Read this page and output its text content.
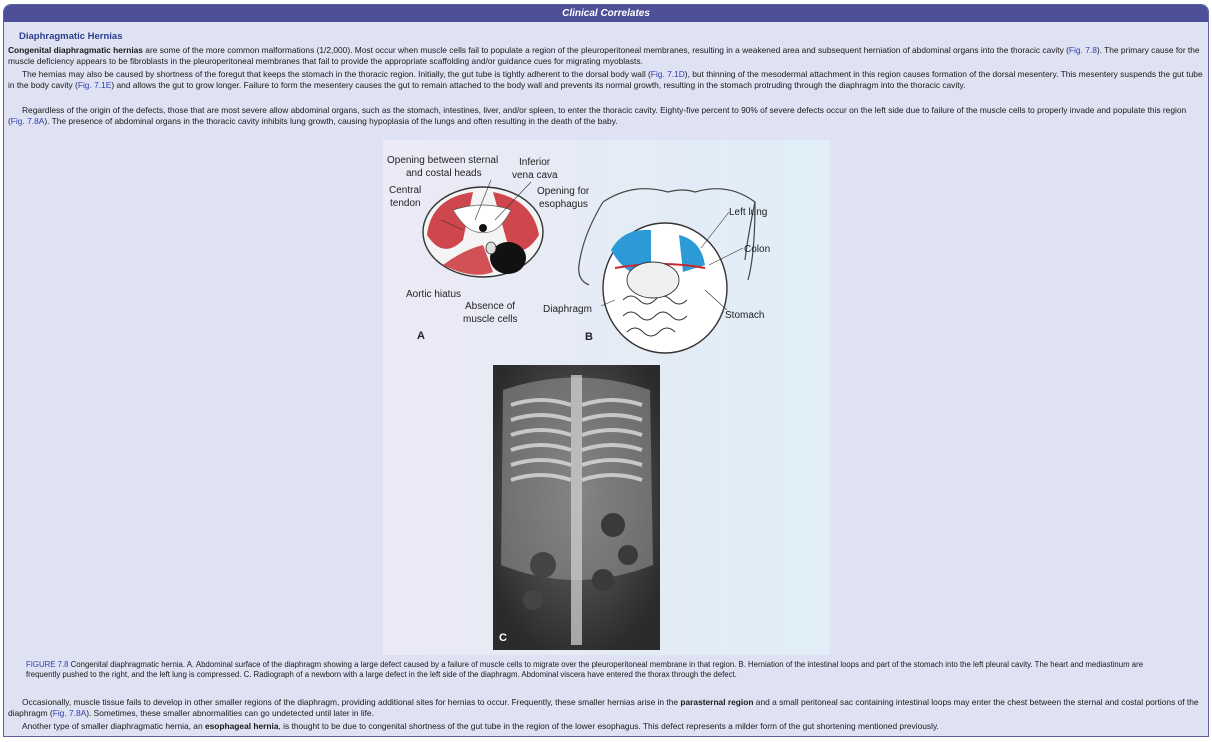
Clinical Correlates
Diaphragmatic Hernias

Congenital diaphragmatic hernias are some of the more common malformations (1/2,000). Most occur when muscle cells fail to populate a region of the pleuroperitoneal membranes, resulting in a weakened area and subsequent herniation of abdominal organs into the thoracic cavity (Fig. 7.8). The primary cause for the muscle deficiency appears to be fibroblasts in the pleuroperitoneal membranes that fail to provide the appropriate scaffolding and/or guidance cues for migrating myoblasts.

The hernias may also be caused by shortness of the foregut that keeps the stomach in the thoracic region. Initially, the gut tube is tightly adherent to the dorsal body wall (Fig. 7.1D), but thinning of the mesodermal attachment in this region causes formation of the dorsal mesentery. This mesentery suspends the gut tube in the body cavity (Fig. 7.1E) and allows the gut to grow longer. Failure to form the mesentery causes the gut to remain attached to the body wall and prevents its normal growth, resulting in the stomach protruding through the diaphragm into the thoracic cavity.

Regardless of the origin of the defects, those that are most severe allow abdominal organs, such as the stomach, intestines, liver, and/or spleen, to enter the thoracic cavity. Eighty-five percent to 90% of severe defects occur on the left side due to failure of the muscle cells to properly invade and populate this region (Fig. 7.8A). The presence of abdominal organs in the thoracic cavity inhibits lung growth, causing hypoplasia of the lungs and often resulting in the death of the baby.

Opening between sternal
and costal heads
Inferior
vena cava
Central
tendon
Opening for
esophagus
Aortic hiatus
Absence of
muscle cells
A
Left lung
Colon
Diaphragm
Stomach
B
C
FIGURE 7.8 Congenital diaphragmatic hernia. A. Abdominal surface of the diaphragm showing a large defect caused by a failure of muscle cells to migrate over the pleuroperitoneal membrane in that region. B. Herniation of the intestinal loops and part of the stomach into the left pleural cavity. The heart and mediastinum are frequently pushed to the right, and the left lung is compressed. C. Radiograph of a newborn with a large defect in the left side of the diaphragm. Abdominal viscera have entered the thorax through the defect.

Occasionally, muscle tissue fails to develop in other smaller regions of the diaphragm, providing additional sites for hernias to occur. Frequently, these smaller hernias arise in the parasternal region and a small peritoneal sac containing intestinal loops may enter the chest between the sternal and costal portions of the diaphragm (Fig. 7.8A). Sometimes, these smaller abnormalities can go undetected until later in life.

Another type of smaller diaphragmatic hernia, an esophageal hernia, is thought to be due to congenital shortness of the gut tube in the region of the lower esophagus. This defect represents a milder form of the gut shortening mentioned previously.
